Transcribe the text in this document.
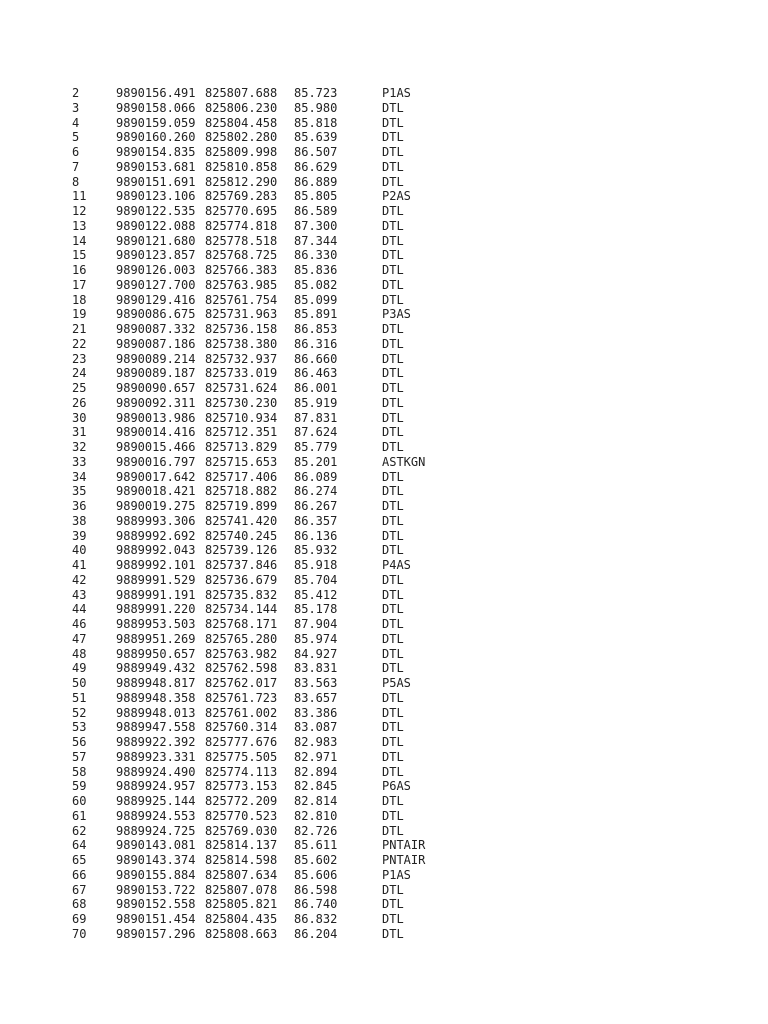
2	9890156.491 825807.688 85.723	P1AS
3	9890158.066 825806.230 85.980	DTL
4	9890159.059 825804.458 85.818	DTL
5	9890160.260 825802.280 85.639	DTL
6	9890154.835 825809.998 86.507	DTL
7	9890153.681 825810.858 86.629	DTL
8	9890151.691 825812.290 86.889	DTL
11 9890123.106 825769.283 85.805	P2AS
12 9890122.535 825770.695 86.589	DTL
13 9890122.088 825774.818 87.300	DTL
14 9890121.680 825778.518 87.344	DTL
15 9890123.857 825768.725 86.330	DTL
16 9890126.003 825766.383 85.836	DTL
17 9890127.700 825763.985 85.082	DTL
18 9890129.416 825761.754 85.099	DTL
19 9890086.675 825731.963 85.891	P3AS
21 9890087.332 825736.158 86.853	DTL
22 9890087.186 825738.380 86.316	DTL
23 9890089.214 825732.937 86.660	DTL
24 9890089.187 825733.019 86.463	DTL
25 9890090.657 825731.624 86.001	DTL
26 9890092.311 825730.230 85.919	DTL
30 9890013.986 825710.934 87.831	DTL
31 9890014.416 825712.351 87.624	DTL
32 9890015.466 825713.829 85.779	DTL
33 9890016.797 825715.653 85.201	ASTKGN
34 9890017.642 825717.406 86.089	DTL
35 9890018.421 825718.882 86.274	DTL
36 9890019.275 825719.899 86.267	DTL
38 9889993.306 825741.420 86.357	DTL
39 9889992.692 825740.245 86.136	DTL
40 9889992.043 825739.126 85.932	DTL
41 9889992.101 825737.846 85.918	P4AS
42 9889991.529 825736.679 85.704	DTL
43 9889991.191 825735.832 85.412	DTL
44 9889991.220 825734.144 85.178	DTL
46 9889953.503 825768.171 87.904	DTL
47 9889951.269 825765.280 85.974	DTL
48 9889950.657 825763.982 84.927	DTL
49 9889949.432 825762.598 83.831	DTL
50 9889948.817 825762.017 83.563	P5AS
51 9889948.358 825761.723 83.657	DTL
52 9889948.013 825761.002 83.386	DTL
53 9889947.558 825760.314 83.087	DTL
56 9889922.392 825777.676 82.983	DTL
57 9889923.331 825775.505 82.971	DTL
58 9889924.490 825774.113 82.894	DTL
59 9889924.957 825773.153 82.845	P6AS
60 9889925.144 825772.209 82.814	DTL
61 9889924.553 825770.523 82.810	DTL
62 9889924.725 825769.030 82.726	DTL
64 9890143.081 825814.137 85.611	PNTAIR
65 9890143.374 825814.598 85.602	PNTAIR
66 9890155.884 825807.634 85.606	P1AS
67 9890153.722 825807.078 86.598	DTL
68 9890152.558 825805.821 86.740	DTL
69 9890151.454 825804.435 86.832	DTL
70 9890157.296 825808.663 86.204	DTL
